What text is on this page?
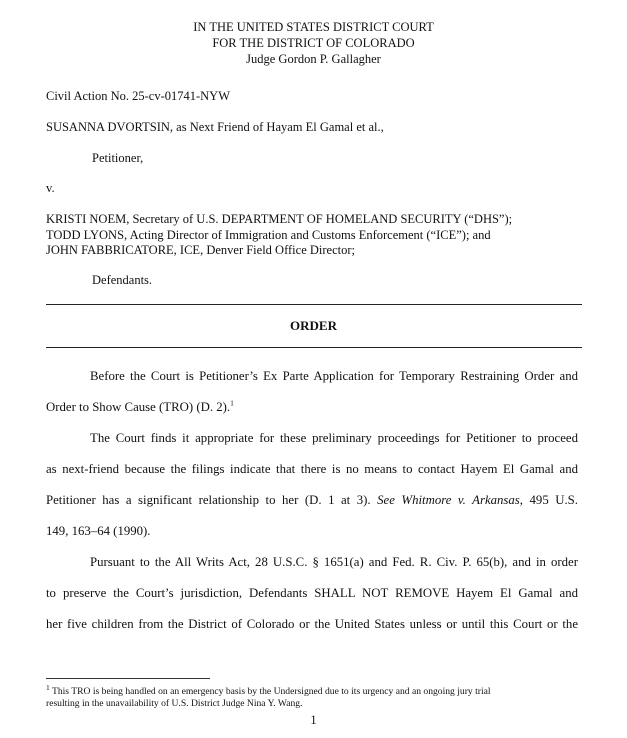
IN THE UNITED STATES DISTRICT COURT
FOR THE DISTRICT OF COLORADO
Judge Gordon P. Gallagher
Civil Action No. 25-cv-01741-NYW
SUSANNA DVORTSIN, as Next Friend of Hayam El Gamal et al.,
Petitioner,
v.
KRISTI NOEM, Secretary of U.S. DEPARTMENT OF HOMELAND SECURITY (“DHS”);
TODD LYONS, Acting Director of Immigration and Customs Enforcement (“ICE”); and
JOHN FABBRICATORE, ICE, Denver Field Office Director;
Defendants.
ORDER
Before the Court is Petitioner’s Ex Parte Application for Temporary Restraining Order and
Order to Show Cause (TRO) (D. 2).$^1$
The Court finds it appropriate for these preliminary proceedings for Petitioner to proceed
as next-friend because the filings indicate that there is no means to contact Hayem El Gamal and
Petitioner has a significant relationship to her (D. 1 at 3). See Whitmore v. Arkansas, 495 U.S.
149, 163–64 (1990).
Pursuant to the All Writs Act, 28 U.S.C. § 1651(a) and Fed. R. Civ. P. 65(b), and in order
to preserve the Court’s jurisdiction, Defendants SHALL NOT REMOVE Hayem El Gamal and
her five children from the District of Colorado or the United States unless or until this Court or the
$^1$ This TRO is being handled on an emergency basis by the Undersigned due to its urgency and an ongoing jury trial
resulting in the unavailability of U.S. District Judge Nina Y. Wang.
1
